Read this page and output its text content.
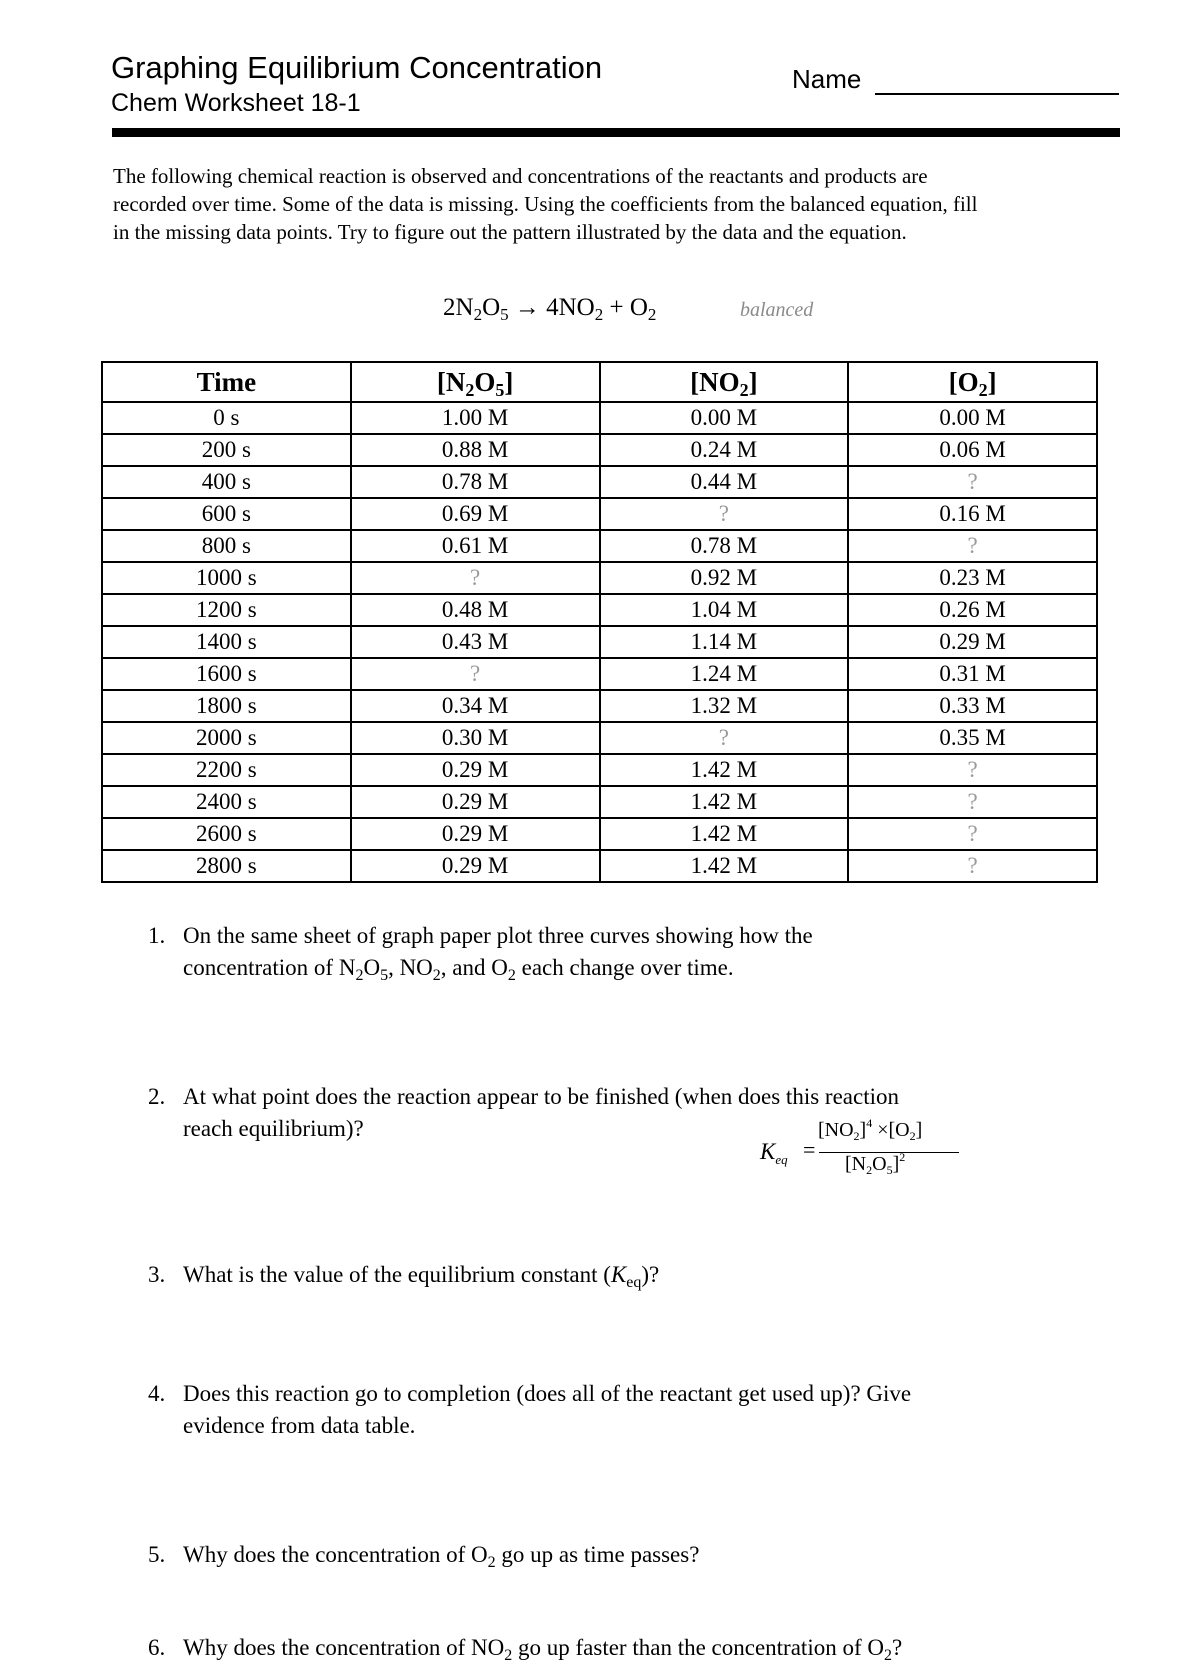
Graphing Equilibrium Concentration
Chem Worksheet 18-1
Name

The following chemical reaction is observed and concentrations of the reactants and products are

recorded over time. Some of the data is missing. Using the coefficients from the balanced equation, fill

in the missing data points. Try to figure out the pattern illustrated by the data and the equation.

$2N_2O_5 \to 4NO_2 + O_2$	balanced
Time	$[N_2O_5]$	$[NO_2]$	$[O_2]$
0 s	1.00 M	0.00 M	0.00 M
200 s	0.88 M	0.24 M	0.06 M
400 s	0.78 M	0.44 M	?
600 s	0.69 M	?	0.16 M
800 s	0.61 M	0.78 M	?
1000 s	?	0.92 M	0.23 M
1200 s	0.48 M	1.04 M	0.26 M
1400 s	0.43 M	1.14 M	0.29 M
1600 s	?	1.24 M	0.31 M
1800 s	0.34 M	1.32 M	0.33 M
2000 s	0.30 M	?	0.35 M
2200 s	0.29 M	1.42 M	?
2400 s	0.29 M	1.42 M	?
2600 s	0.29 M	1.42 M	?
2800 s	0.29 M	1.42 M	?
1. On the same sheet of graph paper plot three curves showing how the
concentration of $N_2O_5$, $NO_2$, and $O_2$ each change over time.
2. At what point does the reaction appear to be finished (when does this reaction
reach equilibrium)?
3. What is the value of the equilibrium constant $(K_{eq})$?
4. Does this reaction go to completion (does all of the reactant get used up)? Give
evidence from data table.
5. Why does the concentration of $O_2$ go up as time passes?
6. Why does the concentration of $NO_2$ go up faster than the concentration of $O_2$?
$K_{eq}$ =
$[NO_2]^4 \times[O_2]$
$[N_2O_5]^2$
